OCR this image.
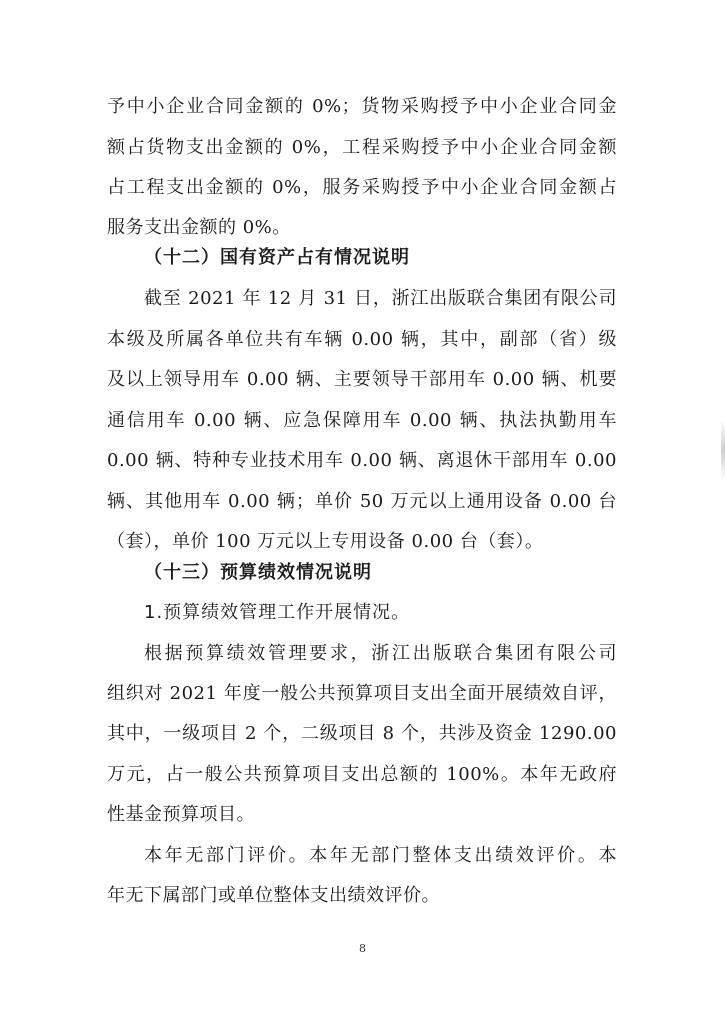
予中小企业合同金额的 0%；货物采购授予中小企业合同金
额占货物支出金额的 0%，工程采购授予中小企业合同金额
占工程支出金额的 0%，服务采购授予中小企业合同金额占
服务支出金额的 0%。
（十二）国有资产占有情况说明
截至 2021 年 12 月 31 日，浙江出版联合集团有限公司
本级及所属各单位共有车辆 0.00 辆，其中，副部（省）级
及以上领导用车 0.00 辆、主要领导干部用车 0.00 辆、机要
通信用车 0.00 辆、应急保障用车 0.00 辆、执法执勤用车
0.00 辆、特种专业技术用车 0.00 辆、离退休干部用车 0.00
辆、其他用车 0.00 辆；单价 50 万元以上通用设备 0.00 台
（套），单价 100 万元以上专用设备 0.00 台（套）。
（十三）预算绩效情况说明
1.预算绩效管理工作开展情况。
根据预算绩效管理要求，浙江出版联合集团有限公司
组织对 2021 年度一般公共预算项目支出全面开展绩效自评，
其中，一级项目 2 个，二级项目 8 个，共涉及资金 1290.00
万元，占一般公共预算项目支出总额的 100%。本年无政府
性基金预算项目。
本年无部门评价。本年无部门整体支出绩效评价。本
年无下属部门或单位整体支出绩效评价。
8
